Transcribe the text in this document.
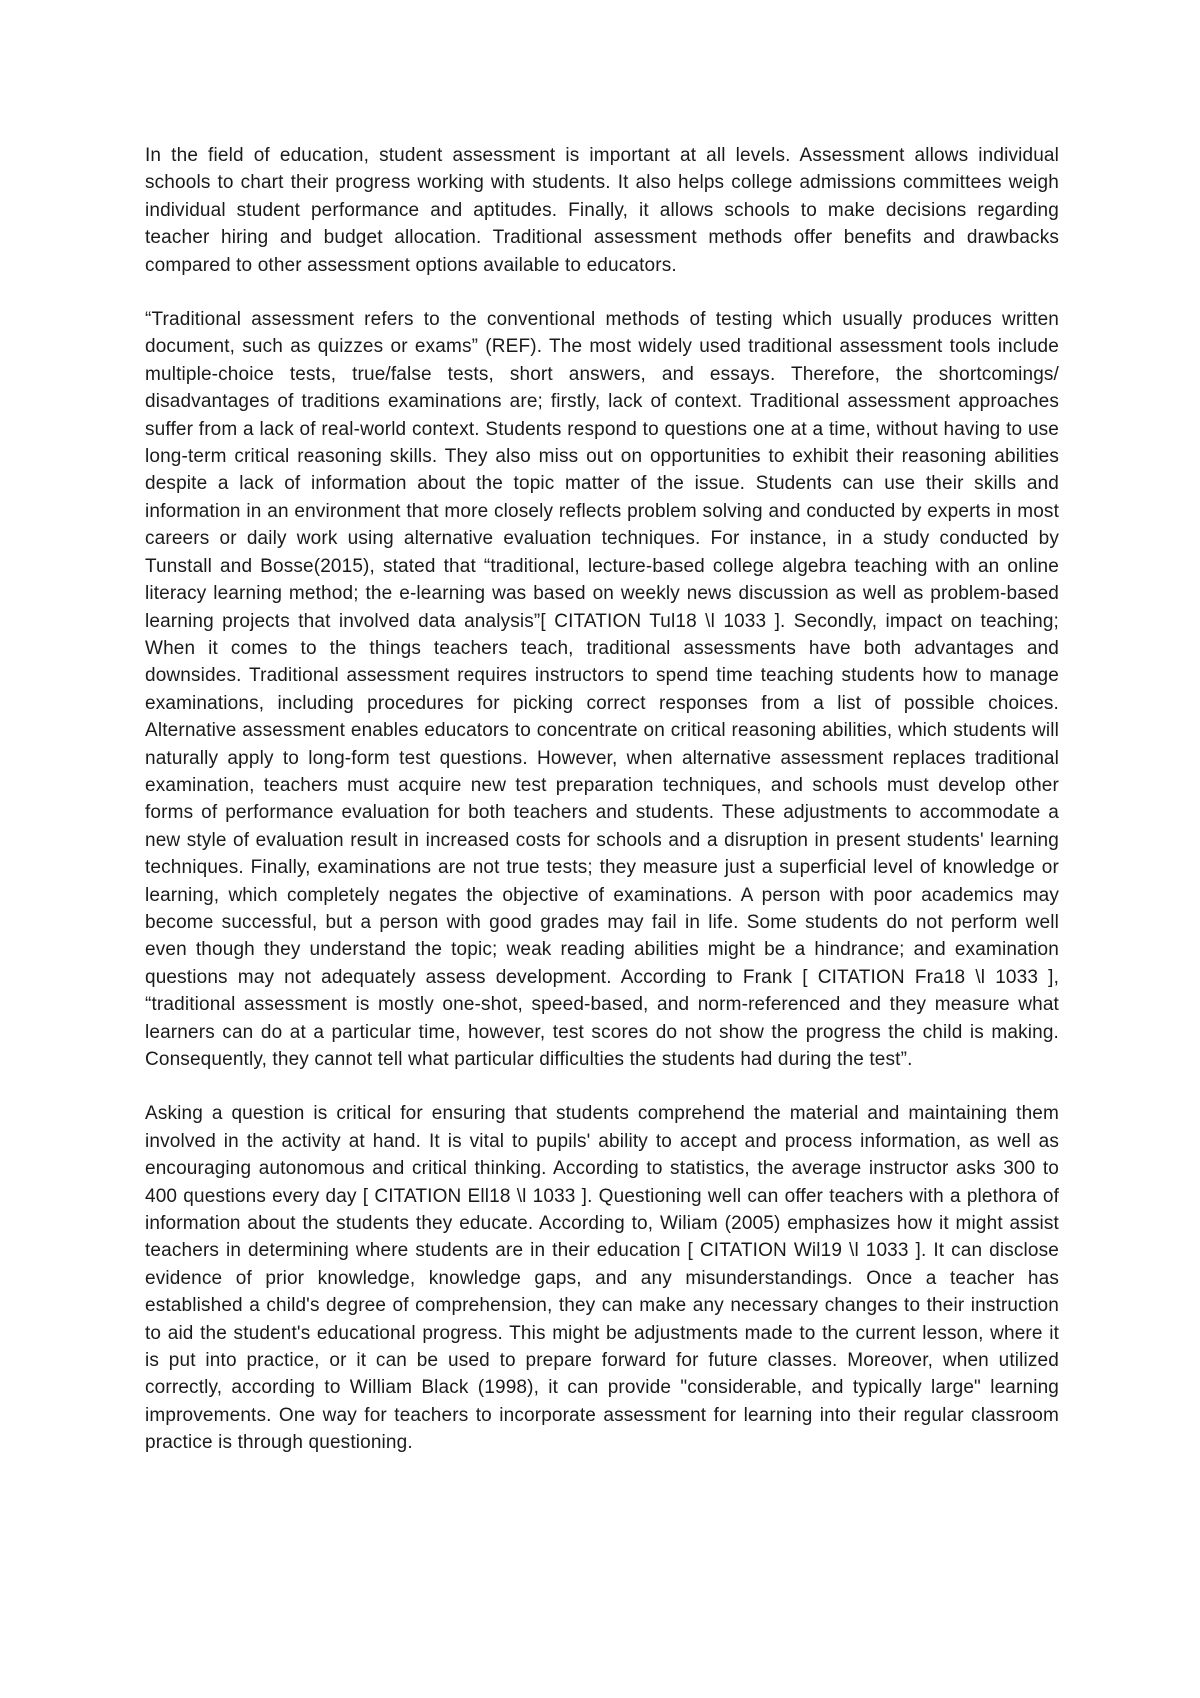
In the field of education, student assessment is important at all levels. Assessment allows individual schools to chart their progress working with students. It also helps college admissions committees weigh individual student performance and aptitudes. Finally, it allows schools to make decisions regarding teacher hiring and budget allocation. Traditional assessment methods offer benefits and drawbacks compared to other assessment options available to educators.

“Traditional assessment refers to the conventional methods of testing which usually produces written document, such as quizzes or exams” (REF). The most widely used traditional assessment tools include multiple-choice tests, true/false tests, short answers, and essays. Therefore, the shortcomings/ disadvantages of traditions examinations are; firstly, lack of context. Traditional assessment approaches suffer from a lack of real-world context. Students respond to questions one at a time, without having to use long-term critical reasoning skills. They also miss out on opportunities to exhibit their reasoning abilities despite a lack of information about the topic matter of the issue. Students can use their skills and information in an environment that more closely reflects problem solving and conducted by experts in most careers or daily work using alternative evaluation techniques. For instance, in a study conducted by Tunstall and Bosse(2015), stated that “traditional, lecture-based college algebra teaching with an online literacy learning method; the e-learning was based on weekly news discussion as well as problem-based learning projects that involved data analysis”[ CITATION Tul18 \l 1033 ]. Secondly, impact on teaching; When it comes to the things teachers teach, traditional assessments have both advantages and downsides. Traditional assessment requires instructors to spend time teaching students how to manage examinations, including procedures for picking correct responses from a list of possible choices. Alternative assessment enables educators to concentrate on critical reasoning abilities, which students will naturally apply to long-form test questions. However, when alternative assessment replaces traditional examination, teachers must acquire new test preparation techniques, and schools must develop other forms of performance evaluation for both teachers and students. These adjustments to accommodate a new style of evaluation result in increased costs for schools and a disruption in present students' learning techniques. Finally, examinations are not true tests; they measure just a superficial level of knowledge or learning, which completely negates the objective of examinations. A person with poor academics may become successful, but a person with good grades may fail in life. Some students do not perform well even though they understand the topic; weak reading abilities might be a hindrance; and examination questions may not adequately assess development. According to Frank [ CITATION Fra18 \l 1033 ], “traditional assessment is mostly one-shot, speed-based, and norm-referenced and they measure what learners can do at a particular time, however, test scores do not show the progress the child is making. Consequently, they cannot tell what particular difficulties the students had during the test”.

Asking a question is critical for ensuring that students comprehend the material and maintaining them involved in the activity at hand. It is vital to pupils' ability to accept and process information, as well as encouraging autonomous and critical thinking. According to statistics, the average instructor asks 300 to 400 questions every day [ CITATION Ell18 \l 1033 ]. Questioning well can offer teachers with a plethora of information about the students they educate. According to, Wiliam (2005) emphasizes how it might assist teachers in determining where students are in their education [ CITATION Wil19 \l 1033 ]. It can disclose evidence of prior knowledge, knowledge gaps, and any misunderstandings. Once a teacher has established a child's degree of comprehension, they can make any necessary changes to their instruction to aid the student's educational progress. This might be adjustments made to the current lesson, where it is put into practice, or it can be used to prepare forward for future classes. Moreover, when utilized correctly, according to William Black (1998), it can provide "considerable, and typically large" learning improvements. One way for teachers to incorporate assessment for learning into their regular classroom practice is through questioning.
